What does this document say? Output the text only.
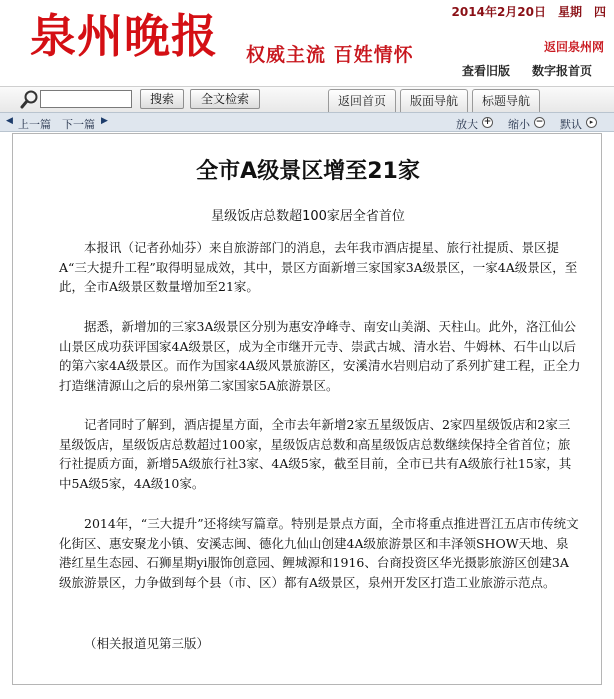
泉州晚报 权威主流 百姓情怀
2014年2月20日　星期　四
返回泉州网
查看旧版 数字报首页
搜索	全文检索	返回首页	版面导航	标题导航
◀ 上一篇 下一篇 ▶	放大 + 缩小 − 默认	▸
全市A级景区增至21家
星级饭店总数超100家居全省首位

本报讯（记者孙灿芬）来自旅游部门的消息，去年我市酒店提星、旅行社提质、景区提A“三大提升工程”取得明显成效，其中，景区方面新增三家国家3A级景区，一家4A级景区，至此，全市A级景区数量增加至21家。

据悉，新增加的三家3A级景区分别为惠安净峰寺、南安山美湖、天柱山。此外，洛江仙公山景区成功获评国家4A级景区，成为全市继开元寺、崇武古城、清水岩、牛姆林、石牛山以后的第六家4A级景区。而作为国家4A级风景旅游区，安溪清水岩则启动了系列扩建工程，正全力打造继清源山之后的泉州第二家国家5A旅游景区。

记者同时了解到，酒店提星方面，全市去年新增2家五星级饭店、2家四星级饭店和2家三星级饭店，星级饭店总数超过100家，星级饭店总数和高星级饭店总数继续保持全省首位；旅行社提质方面，新增5A级旅行社3家、4A级5家，截至目前，全市已共有A级旅行社15家，其中5A级5家，4A级10家。

2014年，“三大提升”还将续写篇章。特别是景点方面，全市将重点推进晋江五店市传统文化街区、惠安聚龙小镇、安溪志闽、德化九仙山创建4A级旅游景区和丰泽领SHOW天地、泉港红星生态园、石狮星期yi服饰创意园、鲤城源和1916、台商投资区华光摄影旅游区创建3A级旅游景区，力争做到每个县（市、区）都有A级景区，泉州开发区打造工业旅游示范点。

（相关报道见第三版）
